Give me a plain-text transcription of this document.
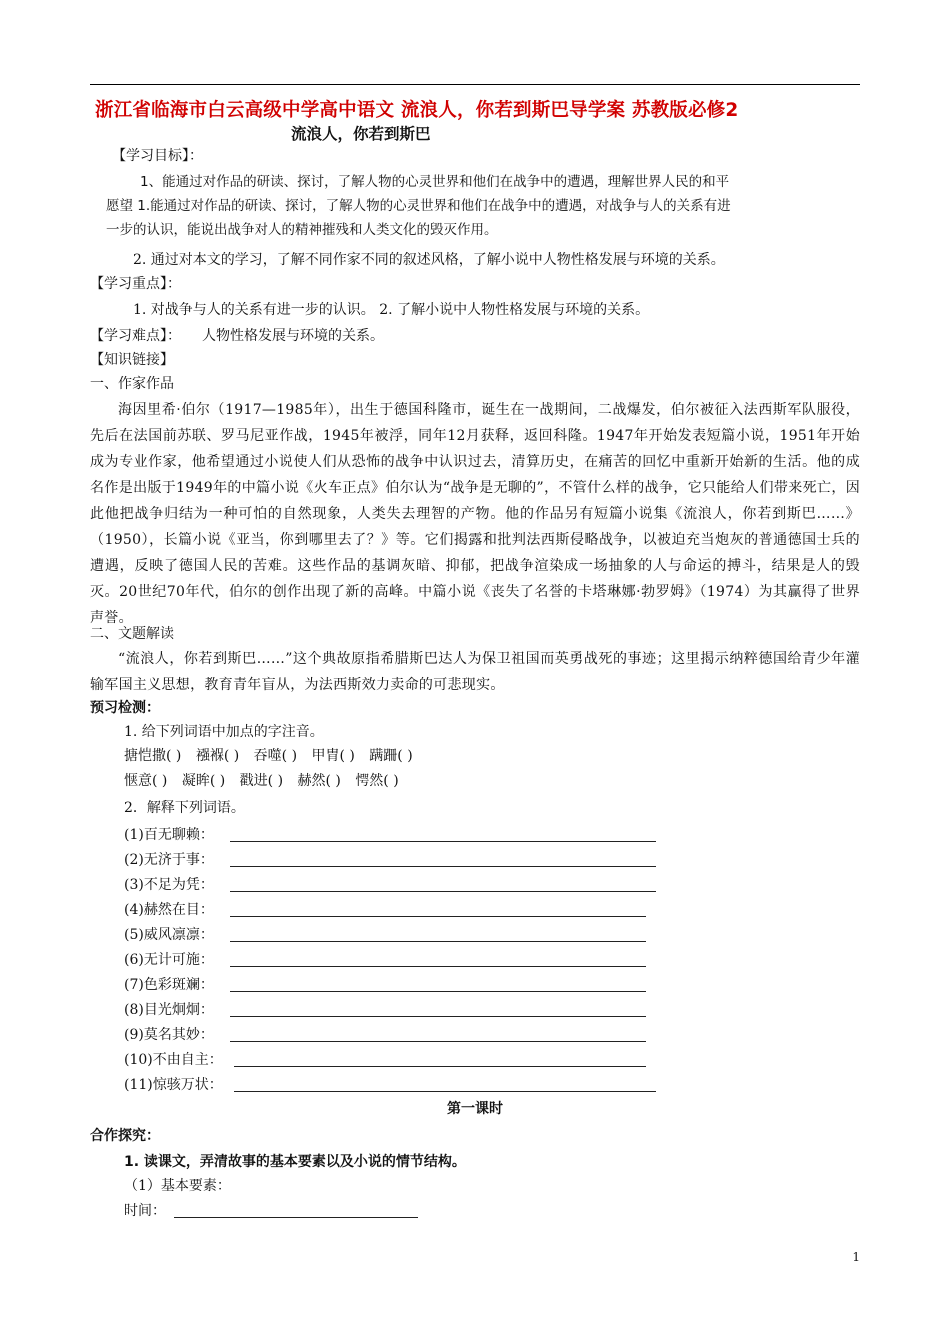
浙江省临海市白云高级中学高中语文 流浪人，你若到斯巴导学案 苏教版必修2
流浪人，你若到斯巴
【学习目标】：
1、能通过对作品的研读、探讨，了解人物的心灵世界和他们在战争中的遭遇，理解世界人民的和平
愿望 1.能通过对作品的研读、探讨，了解人物的心灵世界和他们在战争中的遭遇，对战争与人的关系有进
一步的认识，能说出战争对人的精神摧残和人类文化的毁灭作用。
2. 通过对本文的学习，了解不同作家不同的叙述风格，了解小说中人物性格发展与环境的关系。
【学习重点】：
1. 对战争与人的关系有进一步的认识。 2. 了解小说中人物性格发展与环境的关系。
【学习难点】： 人物性格发展与环境的关系。
【知识链接】
一、作家作品
海因里希·伯尔（1917—1985年），出生于德国科隆市，诞生在一战期间，二战爆发，伯尔被征入法西斯军队服役，先后在法国前苏联、罗马尼亚作战，1945年被浮，同年12月获释，返回科隆。1947年开始发表短篇小说，1951年开始成为专业作家，他希望通过小说使人们从恐怖的战争中认识过去，清算历史，在痛苦的回忆中重新开始新的生活。他的成名作是出版于1949年的中篇小说《火车正点》伯尔认为“战争是无聊的”，不管什么样的战争，它只能给人们带来死亡，因此他把战争归结为一种可怕的自然现象，人类失去理智的产物。他的作品另有短篇小说集《流浪人，你若到斯巴……》（1950），长篇小说《亚当，你到哪里去了？》等。它们揭露和批判法西斯侵略战争，以被迫充当炮灰的普通德国士兵的遭遇，反映了德国人民的苦难。这些作品的基调灰暗、抑郁，把战争渲染成一场抽象的人与命运的搏斗，结果是人的毁灭。20世纪70年代，伯尔的创作出现了新的高峰。中篇小说《丧失了名誉的卡塔琳娜·勃罗姆》（1974）为其赢得了世界声誉。
二、文题解读
“流浪人，你若到斯巴……”这个典故原指希腊斯巴达人为保卫祖国而英勇战死的事迹；这里揭示纳粹德国给青少年灌输军国主义思想，教育青年盲从，为法西斯效力卖命的可悲现实。
预习检测：
1. 给下列词语中加点的字注音。
搪恺撒( ) 襁褓( ) 吞噬( ) 甲胄( ) 蹒跚( )
惬意( ) 凝眸( ) 戳进( ) 赫然( ) 愕然( )
2．解释下列词语。
(1)百无聊赖：
(2)无济于事：
(3)不足为凭：
(4)赫然在目：
(5)威风凛凛：
(6)无计可施：
(7)色彩斑斓：
(8)目光炯炯：
(9)莫名其妙：
(10)不由自主：
(11)惊骇万状：
第一课时
合作探究：
1. 读课文，弄清故事的基本要素以及小说的情节结构。
（1）基本要素：
时间：
1
